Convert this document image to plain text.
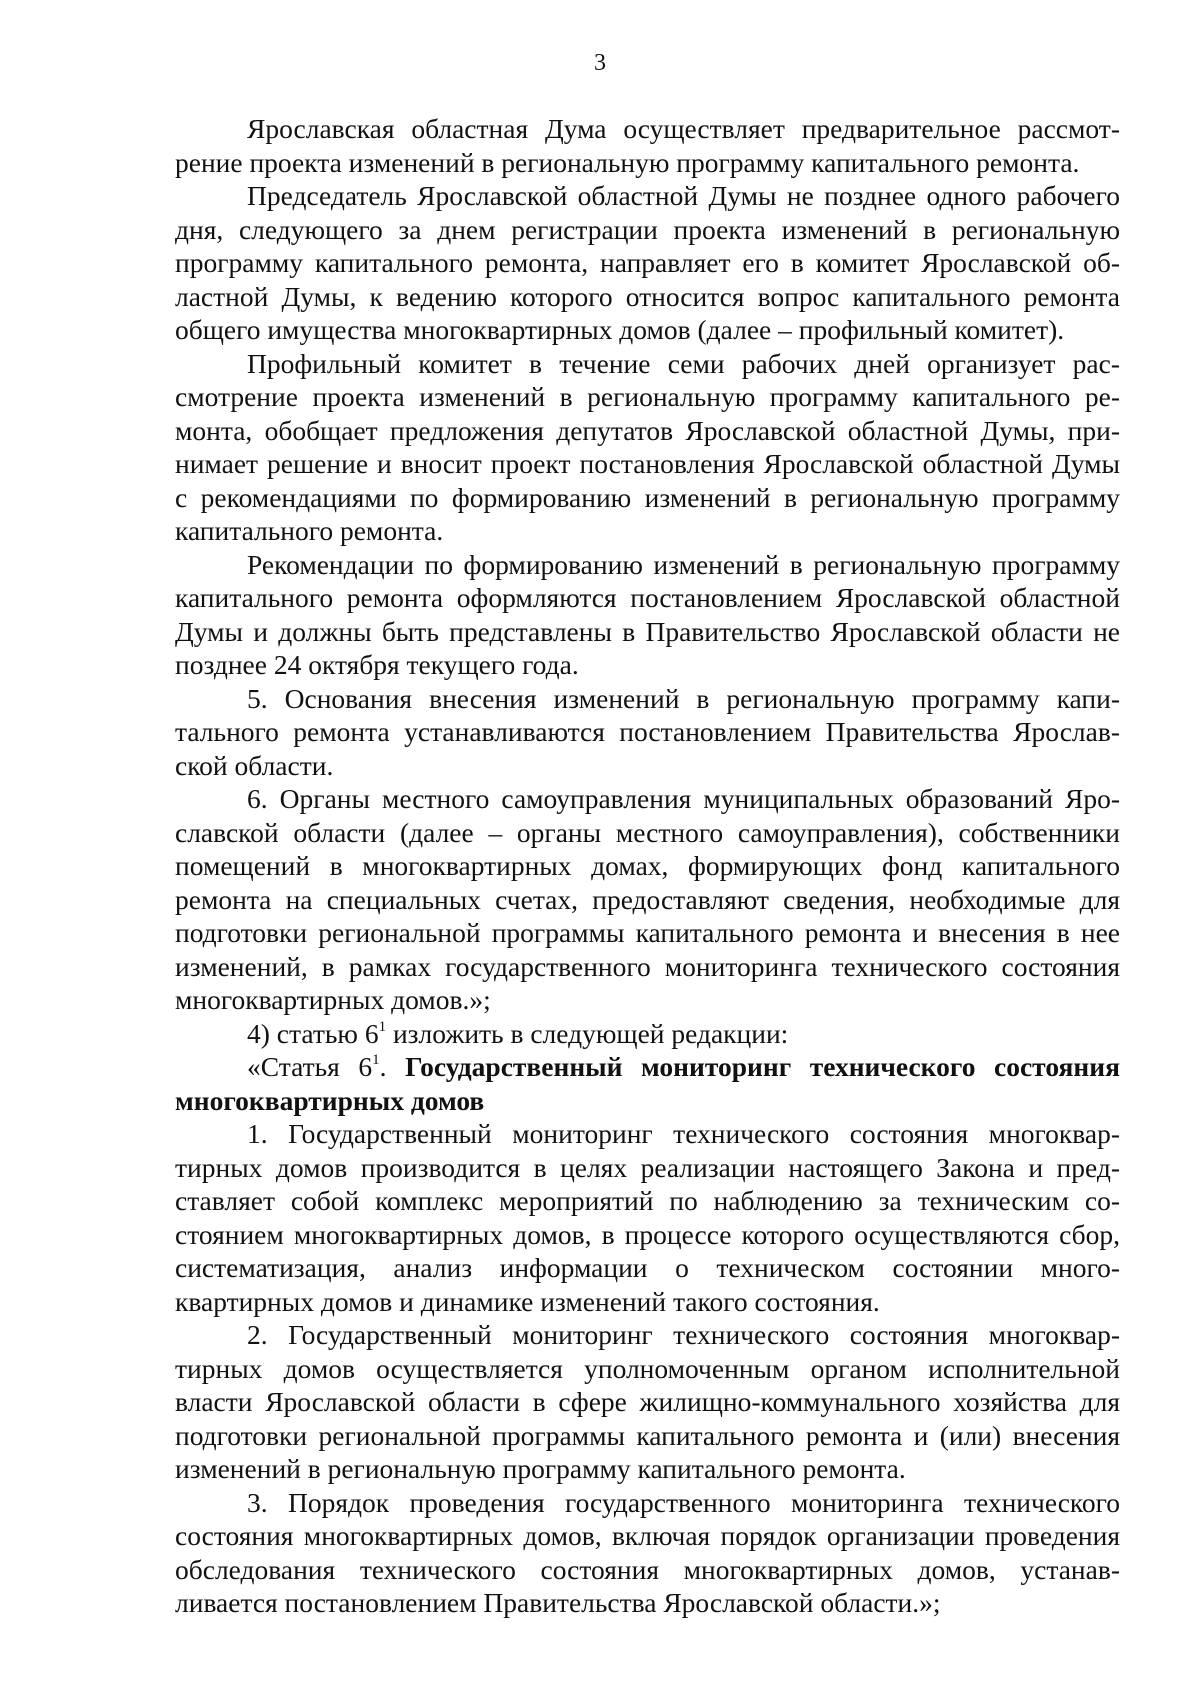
3

Ярославская областная Дума осуществляет предварительное рассмотрение проекта изменений в региональную программу капитального ремонта.

Председатель Ярославской областной Думы не позднее одного рабочего дня, следующего за днем регистрации проекта изменений в региональную программу капитального ремонта, направляет его в комитет Ярославской областной Думы, к ведению которого относится вопрос капитального ремонта общего имущества многоквартирных домов (далее – профильный комитет).

Профильный комитет в течение семи рабочих дней организует рассмотрение проекта изменений в региональную программу капитального ремонта, обобщает предложения депутатов Ярославской областной Думы, принимает решение и вносит проект постановления Ярославской областной Думы с рекомендациями по формированию изменений в региональную программу капитального ремонта.

Рекомендации по формированию изменений в региональную программу капитального ремонта оформляются постановлением Ярославской областной Думы и должны быть представлены в Правительство Ярославской области не позднее 24 октября текущего года.

5. Основания внесения изменений в региональную программу капитального ремонта устанавливаются постановлением Правительства Ярославской области.

6. Органы местного самоуправления муниципальных образований Ярославской области (далее – органы местного самоуправления), собственники помещений в многоквартирных домах, формирующих фонд капитального ремонта на специальных счетах, предоставляют сведения, необходимые для подготовки региональной программы капитального ремонта и внесения в нее изменений, в рамках государственного мониторинга технического состояния многоквартирных домов.»;

4) статью $6^1$ изложить в следующей редакции:

«Статья $6^1$. Государственный мониторинг технического состояния многоквартирных домов

1. Государственный мониторинг технического состояния многоквартирных домов производится в целях реализации настоящего Закона и представляет собой комплекс мероприятий по наблюдению за техническим состоянием многоквартирных домов, в процессе которого осуществляются сбор, систематизация, анализ информации о техническом состоянии многоквартирных домов и динамике изменений такого состояния.

2. Государственный мониторинг технического состояния многоквартирных домов осуществляется уполномоченным органом исполнительной власти Ярославской области в сфере жилищно-коммунального хозяйства для подготовки региональной программы капитального ремонта и (или) внесения изменений в региональную программу капитального ремонта.

3. Порядок проведения государственного мониторинга технического состояния многоквартирных домов, включая порядок организации проведения обследования технического состояния многоквартирных домов, устанавливается постановлением Правительства Ярославской области.»;
